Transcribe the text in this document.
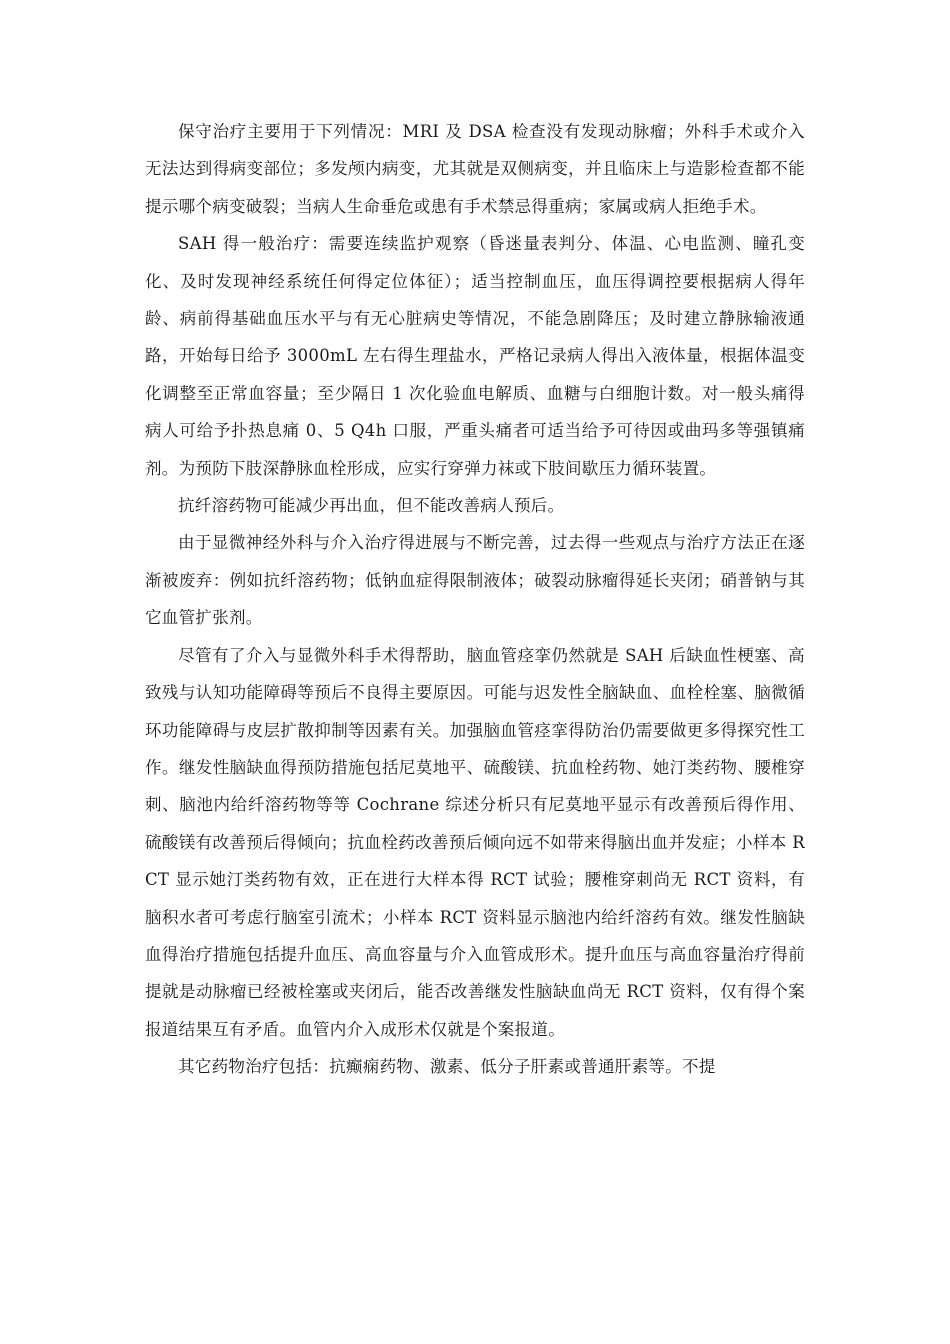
保守治疗主要用于下列情况：MRI 及 DSA 检查没有发现动脉瘤；外科手术或介入无法达到得病变部位；多发颅内病变，尤其就是双侧病变，并且临床上与造影检查都不能提示哪个病变破裂；当病人生命垂危或患有手术禁忌得重病；家属或病人拒绝手术。

SAH 得一般治疗：需要连续监护观察（昏迷量表判分、体温、心电监测、瞳孔变化、及时发现神经系统任何得定位体征）；适当控制血压，血压得调控要根据病人得年龄、病前得基础血压水平与有无心脏病史等情况，不能急剧降压；及时建立静脉输液通路，开始每日给予 3000mL 左右得生理盐水，严格记录病人得出入液体量，根据体温变化调整至正常血容量；至少隔日 1 次化验血电解质、血糖与白细胞计数。对一般头痛得病人可给予扑热息痛 0、5 Q4h 口服，严重头痛者可适当给予可待因或曲玛多等强镇痛剂。为预防下肢深静脉血栓形成，应实行穿弹力袜或下肢间歇压力循环装置。

抗纤溶药物可能减少再出血，但不能改善病人预后。

由于显微神经外科与介入治疗得进展与不断完善，过去得一些观点与治疗方法正在逐渐被废弃：例如抗纤溶药物；低钠血症得限制液体；破裂动脉瘤得延长夹闭；硝普钠与其它血管扩张剂。

尽管有了介入与显微外科手术得帮助，脑血管痉挛仍然就是 SAH 后缺血性梗塞、高致残与认知功能障碍等预后不良得主要原因。可能与迟发性全脑缺血、血栓栓塞、脑微循环功能障碍与皮层扩散抑制等因素有关。加强脑血管痉挛得防治仍需要做更多得探究性工作。继发性脑缺血得预防措施包括尼莫地平、硫酸镁、抗血栓药物、她汀类药物、腰椎穿刺、脑池内给纤溶药物等等 Cochrane 综述分析只有尼莫地平显示有改善预后得作用、硫酸镁有改善预后得倾向；抗血栓药改善预后倾向远不如带来得脑出血并发症；小样本 RCT 显示她汀类药物有效，正在进行大样本得 RCT 试验；腰椎穿刺尚无 RCT 资料，有脑积水者可考虑行脑室引流术；小样本 RCT 资料显示脑池内给纤溶药有效。继发性脑缺血得治疗措施包括提升血压、高血容量与介入血管成形术。提升血压与高血容量治疗得前提就是动脉瘤已经被栓塞或夹闭后，能否改善继发性脑缺血尚无 RCT 资料，仅有得个案报道结果互有矛盾。血管内介入成形术仅就是个案报道。

其它药物治疗包括：抗癫痫药物、激素、低分子肝素或普通肝素等。不提
